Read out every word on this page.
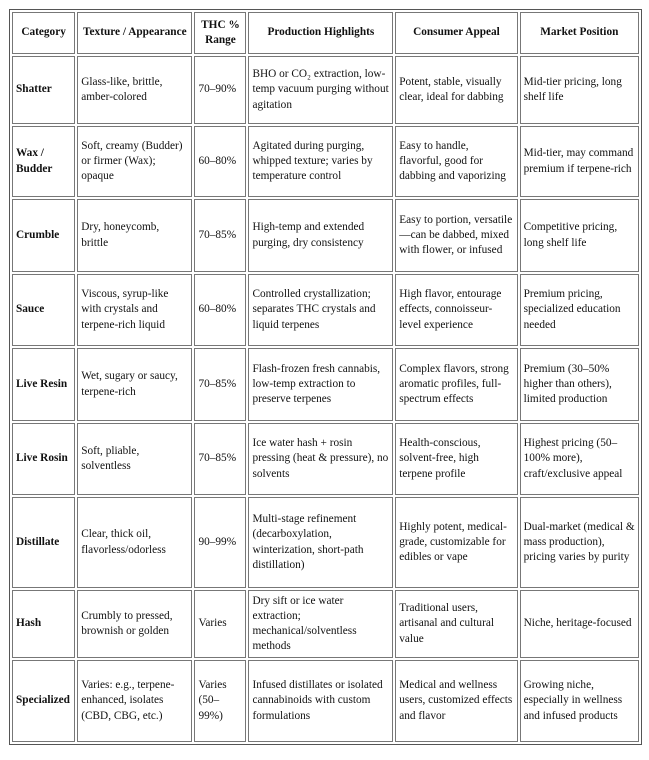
Category	Texture / Appearance	THC % Range	Production Highlights	Consumer Appeal	Market Position
Shatter	Glass-like, brittle, amber-colored	70–90%	BHO or CO₂ extraction, low-temp vacuum purging without agitation	Potent, stable, visually clear, ideal for dabbing	Mid-tier pricing, long shelf life
Wax / Budder	Soft, creamy (Budder) or firmer (Wax); opaque	60–80%	Agitated during purging, whipped texture; varies by temperature control	Easy to handle, flavorful, good for dabbing and vaporizing	Mid-tier, may command premium if terpene-rich
Crumble	Dry, honeycomb, brittle	70–85%	High-temp and extended purging, dry consistency	Easy to portion, versatile—can be dabbed, mixed with flower, or infused	Competitive pricing, long shelf life
Sauce	Viscous, syrup-like with crystals and terpene-rich liquid	60–80%	Controlled crystallization; separates THC crystals and liquid terpenes	High flavor, entourage effects, connoisseur-level experience	Premium pricing, specialized education needed
Live Resin	Wet, sugary or saucy, terpene-rich	70–85%	Flash-frozen fresh cannabis, low-temp extraction to preserve terpenes	Complex flavors, strong aromatic profiles, full-spectrum effects	Premium (30–50% higher than others), limited production
Live Rosin	Soft, pliable, solventless	70–85%	Ice water hash + rosin pressing (heat & pressure), no solvents	Health-conscious, solvent-free, high terpene profile	Highest pricing (50–100% more), craft/exclusive appeal
Distillate	Clear, thick oil, flavorless/odorless	90–99%	Multi-stage refinement (decarboxylation, winterization, short-path distillation)	Highly potent, medical-grade, customizable for edibles or vape	Dual-market (medical & mass production), pricing varies by purity
Hash	Crumbly to pressed, brownish or golden	Varies	Dry sift or ice water extraction; mechanical/solventless methods	Traditional users, artisanal and cultural value	Niche, heritage-focused
Specialized	Varies: e.g., terpene-enhanced, isolates (CBD, CBG, etc.)	Varies (50–99%)	Infused distillates or isolated cannabinoids with custom formulations	Medical and wellness users, customized effects and flavor	Growing niche, especially in wellness and infused products
